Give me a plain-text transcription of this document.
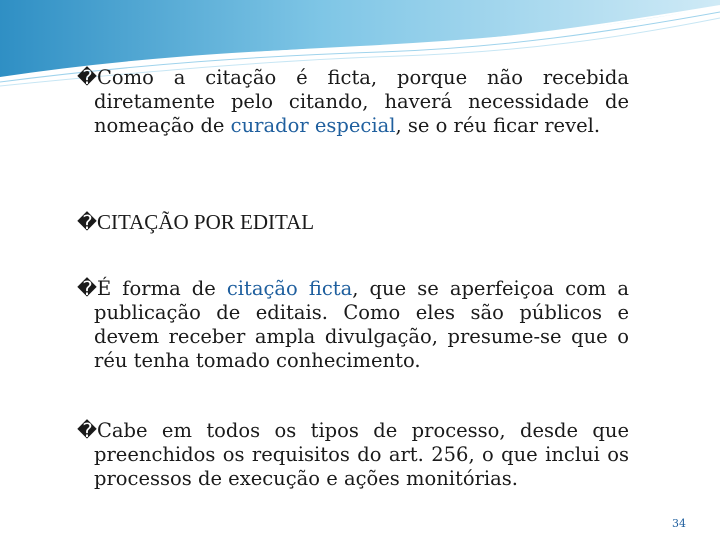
�Como a citação é ficta, porque não recebida diretamente pelo citando, haverá necessidade de nomeação de curador especial, se o réu ficar revel.
�CITAÇÃO POR EDITAL
�É forma de citação ficta, que se aperfeiçoa com a publicação de editais. Como eles são públicos e devem receber ampla divulgação, presume-se que o réu tenha tomado conhecimento.
�Cabe em todos os tipos de processo, desde que preenchidos os requisitos do art. 256, o que inclui os processos de execução e ações monitórias.
34
